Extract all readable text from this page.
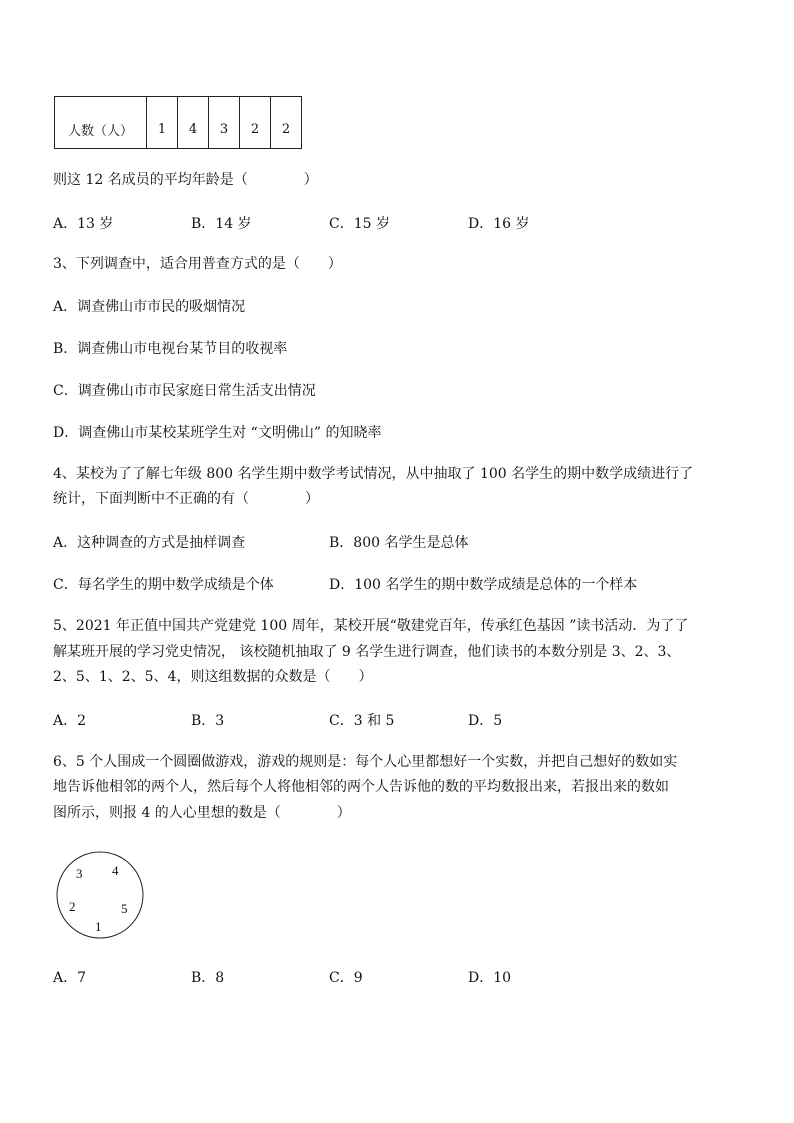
人数（人）	1	4	3	2	2
则这 12 名成员的平均年龄是（　　　　）
A．13 岁	B．14 岁	C．15 岁	D．16 岁
3、下列调查中，适合用普查方式的是（　　）
A．调查佛山市市民的吸烟情况
B．调查佛山市电视台某节目的收视率
C．调查佛山市市民家庭日常生活支出情况
D．调查佛山市某校某班学生对 “文明佛山” 的知晓率
4、某校为了了解七年级 800 名学生期中数学考试情况，从中抽取了 100 名学生的期中数学成绩进行了
统计，下面判断中不正确的有（　　　　）
A．这种调查的方式是抽样调查	B．800 名学生是总体
C．每名学生的期中数学成绩是个体	D．100 名学生的期中数学成绩是总体的一个样本
5、2021 年正值中国共产党建党 100 周年，某校开展“敬建党百年，传承红色基因 ”读书活动．为了了
解某班开展的学习党史情况， 该校随机抽取了 9 名学生进行调查，他们读书的本数分别是 3、2、3、
2、5、1、2、5、4，则这组数据的众数是（　　）
A．2	B．3	C．3 和 5	D．5
6、5 个人围成一个圆圈做游戏，游戏的规则是：每个人心里都想好一个实数，并把自己想好的数如实
地告诉他相邻的两个人，然后每个人将他相邻的两个人告诉他的数的平均数报出来，若报出来的数如
图所示，则报 4 的人心里想的数是（　　　　）
3 4
2	5
1
A．7	B．8	C．9	D．10
